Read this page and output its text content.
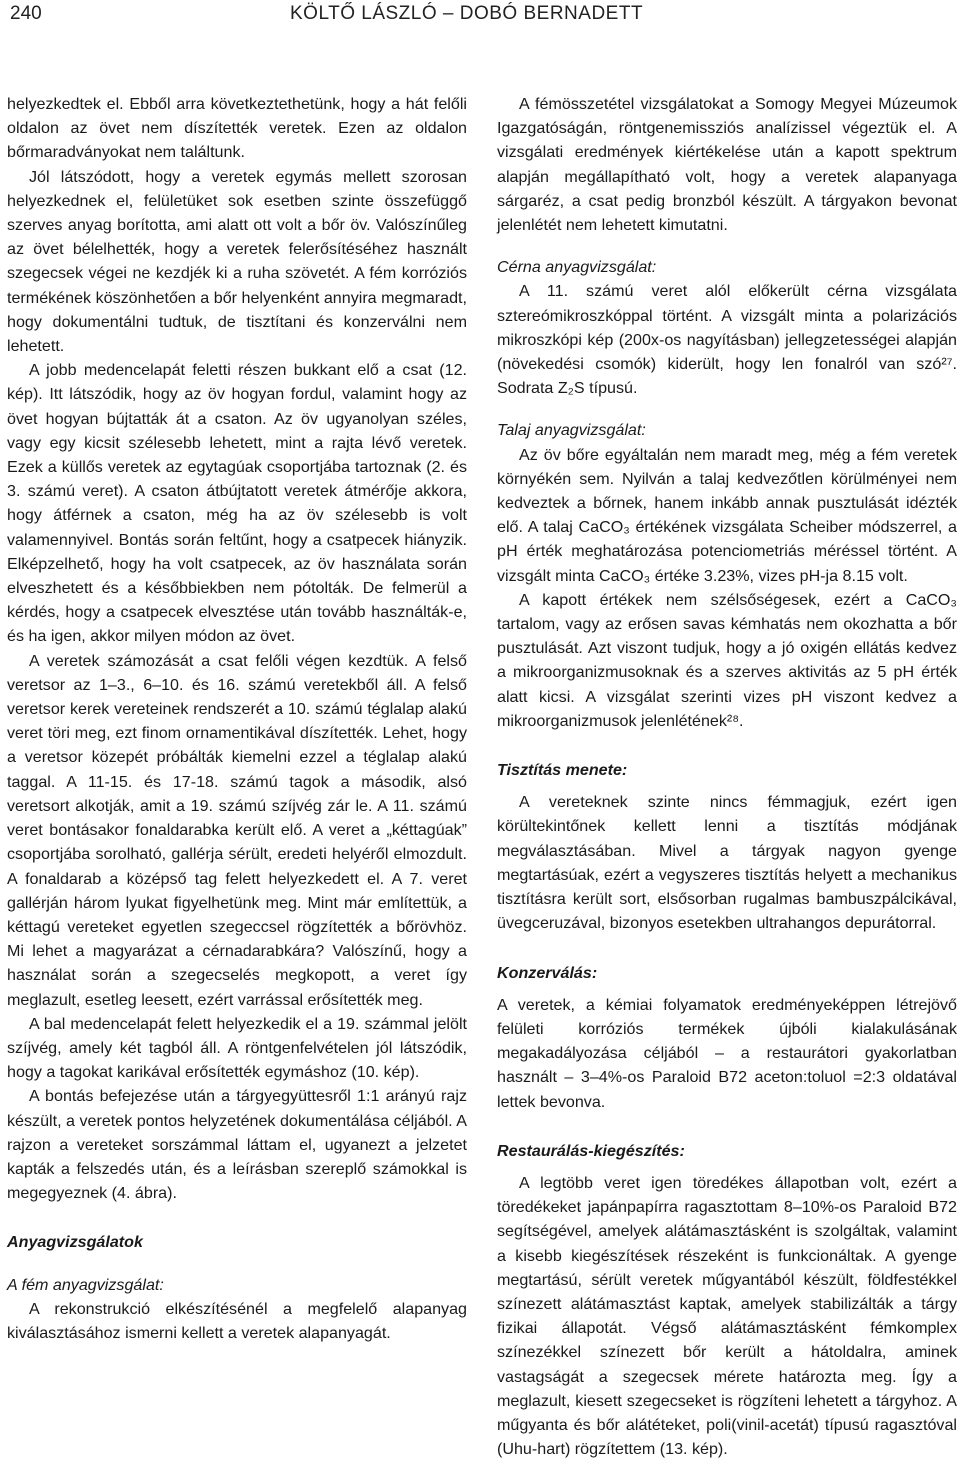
240	KÖLTŐ LÁSZLÓ – DOBÓ BERNADETT

helyezkedtek el. Ebből arra következtethetünk, hogy a hát felőli oldalon az övet nem díszítették veretek. Ezen az oldalon bőrmaradványokat nem találtunk.

Jól látszódott, hogy a veretek egymás mellett szorosan helyezkednek el, felületüket sok esetben szinte összefüggő szerves anyag borította, ami alatt ott volt a bőr öv. Valószínűleg az övet bélelhették, hogy a veretek felerősítéséhez használt szegecsek végei ne kezdjék ki a ruha szövetét. A fém korróziós termékének köszönhetően a bőr helyenként annyira megmaradt, hogy dokumentálni tudtuk, de tisztítani és konzerválni nem lehetett.

A jobb medencelapát feletti részen bukkant elő a csat (12. kép). Itt látszódik, hogy az öv hogyan fordul, valamint hogy az övet hogyan bújtatták át a csaton. Az öv ugyanolyan széles, vagy egy kicsit szélesebb lehetett, mint a rajta lévő veretek. Ezek a küllős veretek az egytagúak csoportjába tartoznak (2. és 3. számú veret). A csaton átbújtatott veretek átmérője akkora, hogy átférnek a csaton, még ha az öv szélesebb is volt valamennyivel. Bontás során feltűnt, hogy a csatpecek hiányzik. Elképzelhető, hogy ha volt csatpecek, az öv használata során elveszhetett és a későbbiekben nem pótolták. De felmerül a kérdés, hogy a csatpecek elvesztése után tovább használták-e, és ha igen, akkor milyen módon az övet.

A veretek számozását a csat felőli végen kezdtük. A felső veretsor az 1–3., 6–10. és 16. számú veretekből áll. A felső veretsor kerek vereteinek rendszerét a 10. számú téglalap alakú veret töri meg, ezt finom ornamentikával díszítették. Lehet, hogy a veretsor közepét próbálták kiemelni ezzel a téglalap alakú taggal. A 11-15. és 17-18. számú tagok a második, alsó veretsort alkotják, amit a 19. számú szíjvég zár le. A 11. számú veret bontásakor fonaldarabka került elő. A veret a „kéttagúak” csoportjába sorolható, gallérja sérült, eredeti helyéről elmozdult. A fonaldarab a középső tag felett helyezkedett el. A 7. veret gallérján három lyukat figyelhetünk meg. Mint már említettük, a kéttagú vereteket egyetlen szegeccsel rögzítették a bőrövhöz. Mi lehet a magyarázat a cérnadarabkára? Valószínű, hogy a használat során a szegecselés megkopott, a veret így meglazult, esetleg leesett, ezért varrással erősítették meg.

A bal medencelapát felett helyezkedik el a 19. számmal jelölt szíjvég, amely két tagból áll. A röntgenfelvételen jól látszódik, hogy a tagokat karikával erősítették egymáshoz (10. kép).

A bontás befejezése után a tárgyegyüttesről 1:1 arányú rajz készült, a veretek pontos helyzetének dokumentálása céljából. A rajzon a vereteket sorszámmal láttam el, ugyanezt a jelzetet kapták a felszedés után, és a leírásban szereplő számokkal is megegyeznek (4. ábra).

Anyagvizsgálatok

A fém anyagvizsgálat:

A rekonstrukció elkészítésénél a megfelelő alapanyag kiválasztásához ismerni kellett a veretek alapanyagát.

A fémösszetétel vizsgálatokat a Somogy Megyei Múzeumok Igazgatóságán, röntgenemissziós analízissel végeztük el. A vizsgálati eredmények kiértékelése után a kapott spektrum alapján megállapítható volt, hogy a veretek alapanyaga sárgaréz, a csat pedig bronzból készült. A tárgyakon bevonat jelenlétét nem lehetett kimutatni.

Cérna anyagvizsgálat:

A 11. számú veret alól előkerült cérna vizsgálata sztereómikroszkóppal történt. A vizsgált minta a polarizációs mikroszkópi kép (200x-os nagyításban) jellegzetességei alapján (növekedési csomók) kiderült, hogy len fonalról van szó²⁷. Sodrata Z₂S típusú.

Talaj anyagvizsgálat:

Az öv bőre egyáltalán nem maradt meg, még a fém veretek környékén sem. Nyilván a talaj kedvezőtlen körülményei nem kedveztek a bőrnek, hanem inkább annak pusztulását idézték elő. A talaj CaCO₃ értékének vizsgálata Scheiber módszerrel, a pH érték meghatározása potenciometriás méréssel történt. A vizsgált minta CaCO₃ értéke 3.23%, vizes pH-ja 8.15 volt.

A kapott értékek nem szélsőségesek, ezért a CaCO₃ tartalom, vagy az erősen savas kémhatás nem okozhatta a bőr pusztulását. Azt viszont tudjuk, hogy a jó oxigén ellátás kedvez a mikroorganizmusoknak és a szerves aktivitás az 5 pH érték alatt kicsi. A vizsgálat szerinti vizes pH viszont kedvez a mikroorganizmusok jelenlétének²⁸.

Tisztítás menete:

A vereteknek szinte nincs fémmagjuk, ezért igen körültekintőnek kellett lenni a tisztítás módjának megválasztásában. Mivel a tárgyak nagyon gyenge megtartásúak, ezért a vegyszeres tisztítás helyett a mechanikus tisztításra került sort, elsősorban rugalmas bambuszpálcikával, üvegceruzával, bizonyos esetekben ultrahangos depurátorral.

Konzerválás:

A veretek, a kémiai folyamatok eredményeképpen létrejövő felületi korróziós termékek újbóli kialakulásának megakadályozása céljából – a restaurátori gyakorlatban használt – 3–4%-os Paraloid B72 aceton:toluol =2:3 oldatával lettek bevonva.

Restaurálás-kiegészítés:

A legtöbb veret igen töredékes állapotban volt, ezért a töredékeket japánpapírra ragasztottam 8–10%-os Paraloid B72 segítségével, amelyek alátámasztásként is szolgáltak, valamint a kisebb kiegészítések részeként is funkcionáltak. A gyenge megtartású, sérült veretek műgyantából készült, földfestékkel színezett alátámasztást kaptak, amelyek stabilizálták a tárgy fizikai állapotát. Végső alátámasztásként fémkomplex színezékkel színezett bőr került a hátoldalra, aminek vastagságát a szegecsek mérete határozta meg. Így a meglazult, kiesett szegecseket is rögzíteni lehetett a tárgyhoz. A műgyanta és bőr alátéteket, poli(vinil-acetát) típusú ragasztóval (Uhu-hart) rögzítettem (13. kép).
